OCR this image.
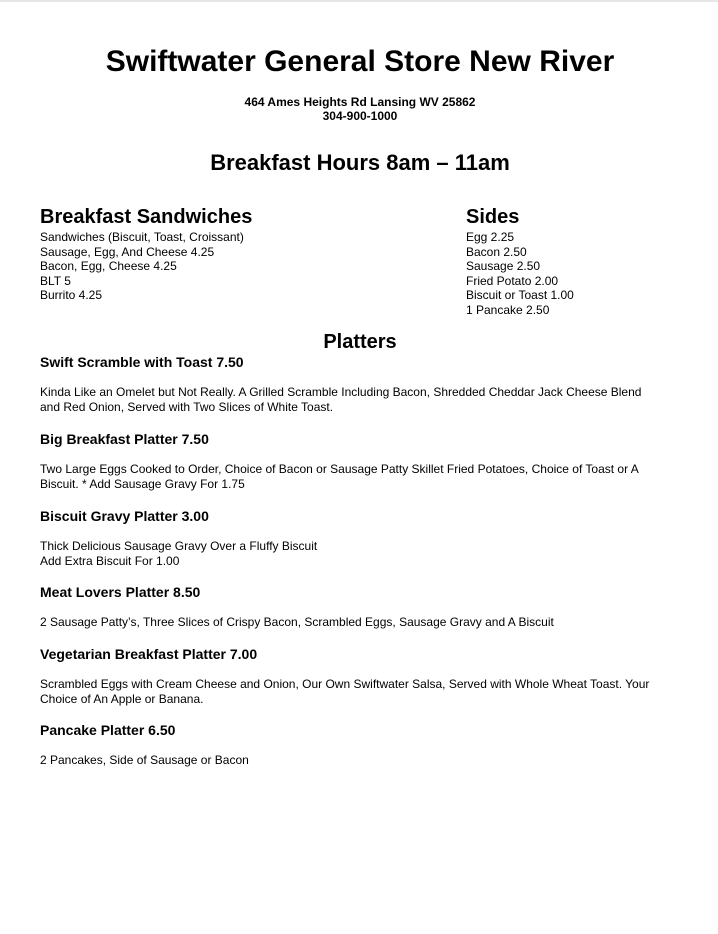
Swiftwater General Store New River
464 Ames Heights Rd Lansing WV 25862
304-900-1000
Breakfast Hours 8am – 11am
Breakfast Sandwiches
Sandwiches (Biscuit, Toast, Croissant)
Sausage, Egg, And Cheese 4.25
Bacon, Egg, Cheese 4.25
BLT 5
Burrito 4.25
Sides
Egg 2.25
Bacon 2.50
Sausage 2.50
Fried Potato 2.00
Biscuit or Toast 1.00
1 Pancake 2.50
Platters
Swift Scramble with Toast 7.50

Kinda Like an Omelet but Not Really. A Grilled Scramble Including Bacon, Shredded Cheddar Jack Cheese Blend
and Red Onion, Served with Two Slices of White Toast.

Big Breakfast Platter 7.50

Two Large Eggs Cooked to Order, Choice of Bacon or Sausage Patty Skillet Fried Potatoes, Choice of Toast or A
Biscuit. * Add Sausage Gravy For 1.75

Biscuit Gravy Platter 3.00

Thick Delicious Sausage Gravy Over a Fluffy Biscuit
Add Extra Biscuit For 1.00

Meat Lovers Platter 8.50

2 Sausage Patty’s, Three Slices of Crispy Bacon, Scrambled Eggs, Sausage Gravy and A Biscuit

Vegetarian Breakfast Platter 7.00

Scrambled Eggs with Cream Cheese and Onion, Our Own Swiftwater Salsa, Served with Whole Wheat Toast. Your
Choice of An Apple or Banana.

Pancake Platter 6.50

2 Pancakes, Side of Sausage or Bacon
